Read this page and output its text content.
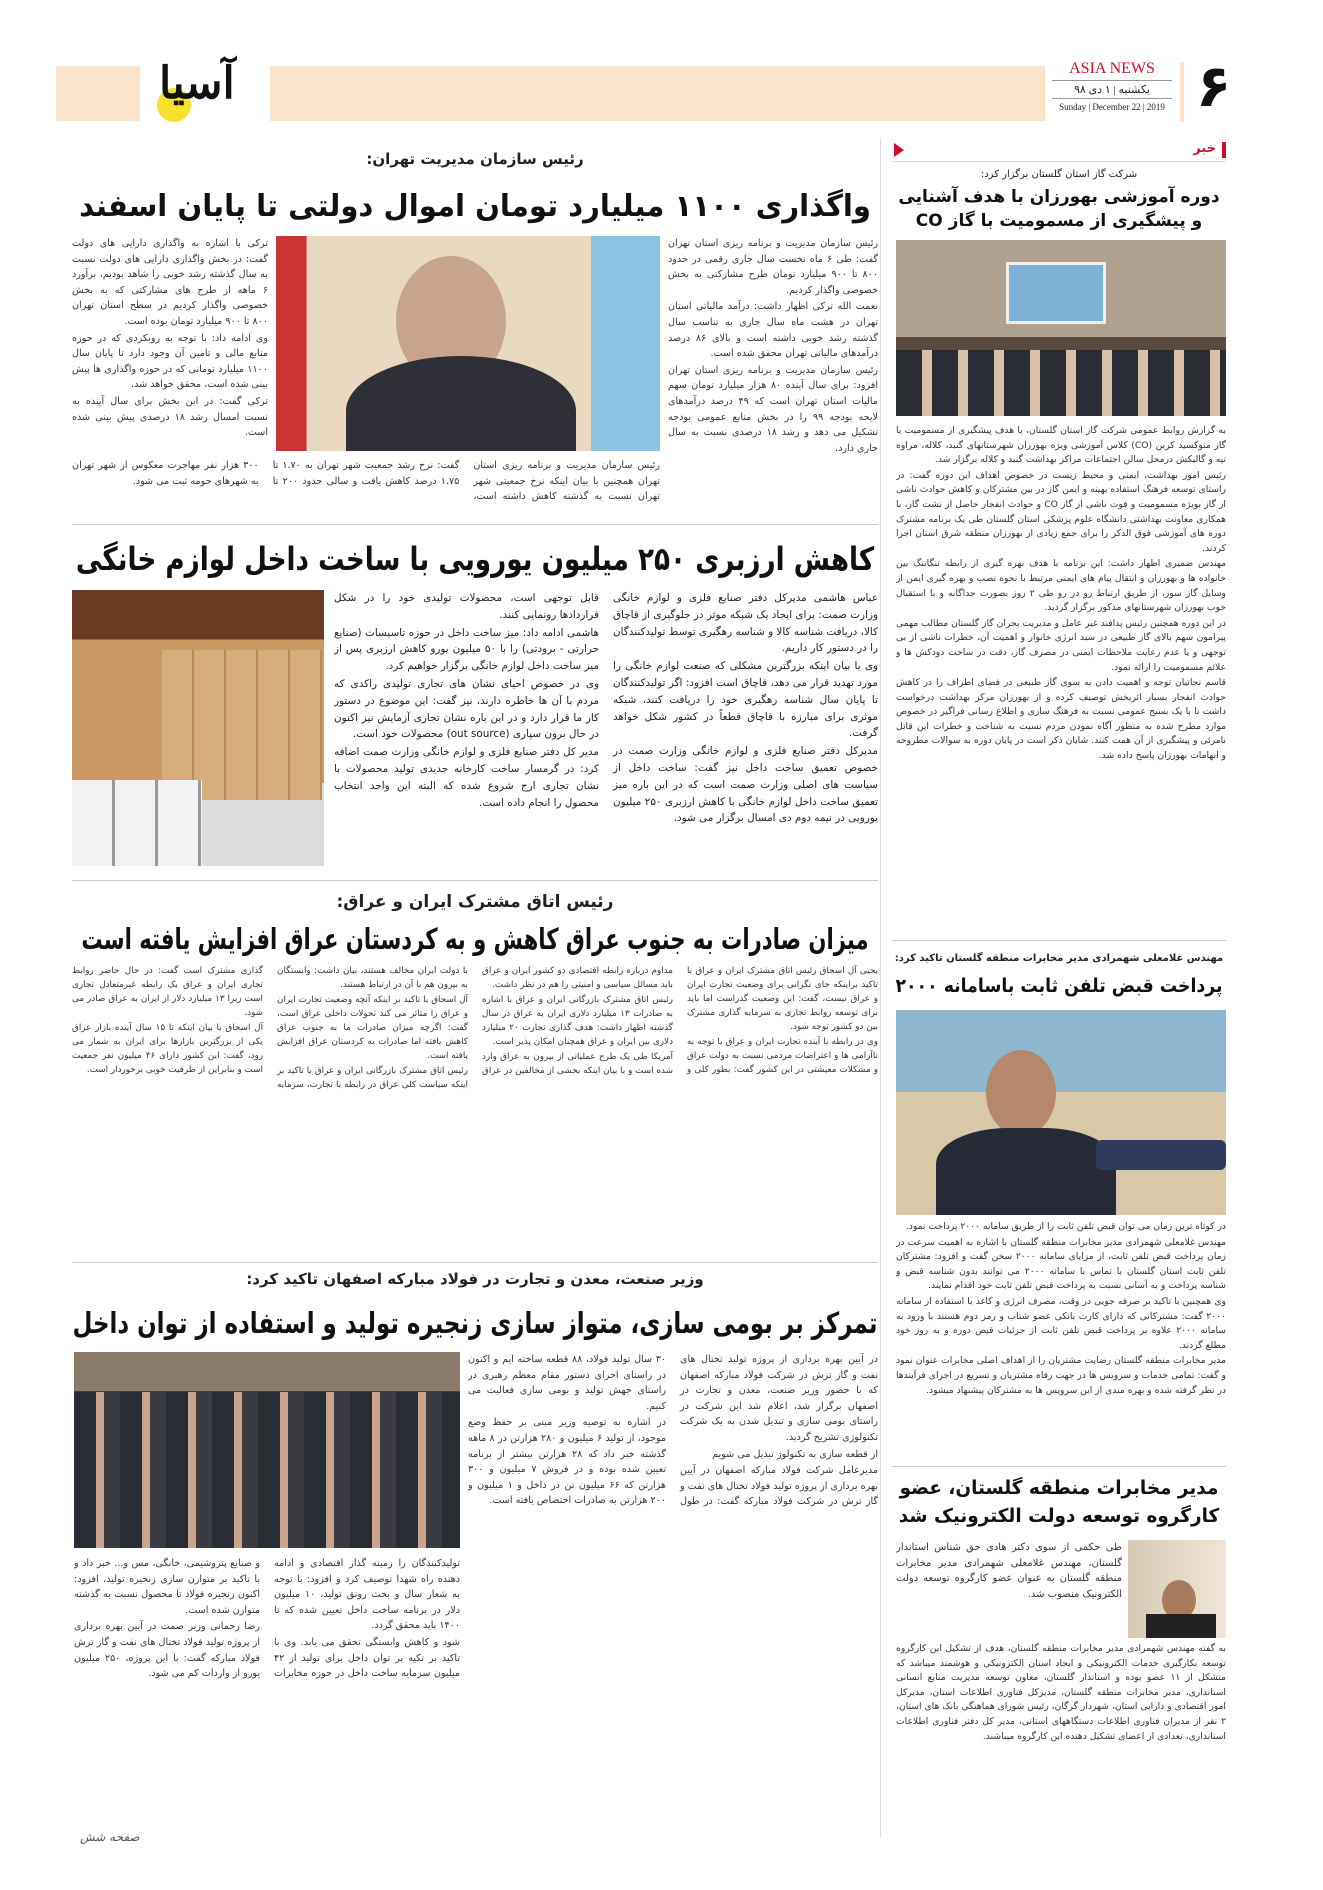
آسیا	ASIA NEWS
یکشنبه | ۱ دی ۹۸
Sunday | December 22 | 2019 ۶
رئیس سازمان مدیریت تهران:
واگذاری ۱۱۰۰ میلیارد تومان اموال دولتی تا پایان اسفند

رئیس سازمان مدیریت و برنامه ریزی استان تهران گفت: طی ۶ ماه نخست سال جاری رقمی در حدود ۸۰۰ تا ۹۰۰ میلیارد تومان طرح مشارکتی به بخش خصوصی واگذار کردیم.

نعمت الله ترکی اظهار داشت: درآمد مالیاتی استان تهران در هشت ماه سال جاری به تناسب سال گذشته رشد خوبی داشته است و بالای ۸۶ درصد درآمدهای مالیاتی تهران محقق شده است.

رئیس سازمان مدیریت و برنامه ریزی استان تهران افزود: برای سال آینده ۸۰ هزار میلیارد تومان سهم مالیات استان تهران است که ۴۹ درصد درآمدهای لایحه بودجه ۹۹ را در بخش منابع عمومی بودجه تشکیل می دهد و رشد ۱۸ درصدی نسبت به سال جاری دارد.

ترکی با اشاره به واگذاری دارایی های دولت گفت: در بخش واگذاری دارایی های دولت نسبت به سال گذشته رشد خوبی را شاهد بودیم، برآورد ۶ ماهه از طرح های مشارکتی که به بخش خصوصی واگذار کردیم در سطح استان تهران ۸۰۰ تا ۹۰۰ میلیارد تومان بوده است.

وی ادامه داد: با توجه به رویکردی که در حوزه منابع مالی و تامین آن وجود دارد تا پایان سال ۱۱۰۰ میلیارد تومانی که در حوزه واگذاری ها پیش بینی شده است، محقق خواهد شد.

ترکی گفت: در این بخش برای سال آینده به نسبت امسال رشد ۱۸ درصدی پیش بینی شده است.

رئیس سازمان مدیریت و برنامه ریزی استان تهران همچنین با بیان اینکه نرخ جمعیتی شهر تهران نسبت به گذشته کاهش داشته است، گفت: نرخ رشد جمعیت شهر تهران به ۱.۷۰ تا ۱.۷۵ درصد کاهش یافت و سالی حدود ۲۰۰ تا ۳۰۰ هزار نفر مهاجرت معکوس از شهر تهران به شهرهای حومه ثبت می شود.

کاهش ارزبری ۲۵۰ میلیون یورویی با ساخت داخل لوازم خانگی

عباس هاشمی مدیرکل دفتر صنایع فلزی و لوازم خانگی وزارت صمت: برای ایجاد یک شبکه موثر در جلوگیری از قاچاق کالا، دریافت شناسه کالا و شناسه رهگیری توسط تولیدکنندگان را در دستور کار داریم.

وی با بیان اینکه بزرگترین مشکلی که صنعت لوازم خانگی را مورد تهدید قرار می دهد، قاچاق است افزود: اگر تولیدکنندگان تا پایان سال شناسه رهگیری خود را دریافت کنند، شبکه موثری برای مبارزه با قاچاق قطعاً در کشور شکل خواهد گرفت.

مدیرکل دفتر صنایع فلزی و لوازم خانگی وزارت صمت در خصوص تعمیق ساخت داخل نیز گفت: ساخت داخل از سیاست های اصلی وزارت صمت است که در این باره میز تعمیق ساخت داخل لوازم خانگی با کاهش ارزبری ۲۵۰ میلیون یورویی در نیمه دوم دی امسال برگزار می شود.

قابل توجهی است، محصولات تولیدی خود را در شکل قراردادها رونمایی کنند.

هاشمی ادامه داد: میز ساخت داخل در حوزه تاسیسات (صنایع حرارتی - برودتی) را با ۵۰ میلیون یورو کاهش ارزبری پس از میز ساخت داخل لوازم خانگی برگزار خواهیم کرد.

وی در خصوص احیای نشان های تجاری تولیدی راکدی که مردم با آن ها خاطره دارند، نیز گفت: این موضوع در دستور کار ما قرار دارد و در این باره نشان تجاری آزمایش نیز اکنون در حال برون سپاری (out source) محصولات خود است.

مدیر کل دفتر صنایع فلزی و لوازم خانگی وزارت صمت اضافه کرد: در گرمسار ساخت کارخانه جدیدی تولید محصولات با نشان تجاری ارج شروع شده که البته این واحد انتخاب محصول را انجام داده است.

رئیس اتاق مشترک ایران و عراق:
میزان صادرات به جنوب عراق کاهش و به کردستان عراق افزایش یافته است

یحیی آل اسحاق رئیس اتاق مشترک ایران و عراق با تاکید براینکه جای نگرانی برای وضعیت تجارت ایران و عراق نیست، گفت: این وضعیت گذراست اما باید برای توسعه روابط تجاری به سرمایه گذاری مشترک بین دو کشور توجه شود.

وی در رابطه با آینده تجارت ایران و عراق با توجه به ناآرامی ها و اعتراضات مردمی نسبت به دولت عراق و مشکلات معیشتی در این کشور گفت: بطور کلی و مداوم درباره رابطه اقتصادی دو کشور ایران و عراق باید مسائل سیاسی و امنیتی را هم در نظر داشت.

رئیس اتاق مشترک بازرگانی ایران و عراق با اشاره به صادرات ۱۳ میلیارد دلاری ایران به عراق در سال گذشته اظهار داشت: هدف گذاری تجارت ۲۰ میلیارد دلاری بین ایران و عراق همچنان امکان پذیر است.

آمریکا طی یک طرح عملیاتی از بیرون به عراق وارد شده است و با بیان اینکه بخشی از مخالفین در عراق با دولت ایران مخالف هستند، بیان داشت: وابستگان به بیرون هم با آن در ارتباط هستند.

آل اسحاق با تاکید بر اینکه آنچه وضعیت تجارت ایران و عراق را متاثر می کند تحولات داخلی عراق است، گفت: اگرچه میزان صادرات ما به جنوب عراق کاهش یافته اما صادرات به کردستان عراق افزایش یافته است.

رئیس اتاق مشترک بازرگانی ایران و عراق با تاکید بر اینکه سیاست کلی عراق در رابطه با تجارت، سرمایه گذاری مشترک است گفت: در حال حاضر روابط تجاری ایران و عراق یک رابطه غیرمتعادل تجاری است زیرا ۱۳ میلیارد دلار از ایران به عراق صادر می شود.

آل اسحاق با بیان اینکه تا ۱۵ سال آینده بازار عراق یکی از بزرگترین بازارها برای ایران به شمار می رود، گفت: این کشور دارای ۴۶ میلیون نفر جمعیت است و بنابراین از ظرفیت خوبی برخوردار است.

وزیر صنعت، معدن و تجارت در فولاد مبارکه اصفهان تاکید کرد:
تمرکز بر بومی سازی، متواز سازی زنجیره تولید و استفاده از توان داخل

در آیین بهره برداری از پروژه تولید تختال های نفت و گاز ترش در شرکت فولاد مبارکه اصفهان که با حضور وزیر صنعت، معدن و تجارت در اصفهان برگزار شد، اعلام شد این شرکت در راستای بومی سازی و تبدیل شدن به یک شرکت تکنولوژی تشریح گردید.

از قطعه سازی به تکنولوژ تبدیل می شویم

مدیرعامل شرکت فولاد مبارکه اصفهان در آیین بهره برداری از پروژه تولید فولاد تختال های نفت و گاز ترش در شرکت فولاد مبارکه گفت: در طول ۳۰ سال تولید فولاد، ۸۸ قطعه ساخته ایم و اکنون در راستای اجرای دستور مقام معظم رهبری در راستای جهش تولید و بومی سازی فعالیت می کنیم.

در اشاره به توصیه وزیر مبنی بر حفظ وضع موجود، از تولید ۶ میلیون و ۲۸۰ هزارتن در ۸ ماهه گذشته خبر داد که ۲۸ هزارتن بیشتر از برنامه تعیین شده بوده و در فروش ۷ میلیون و ۳۰۰ هزارتن که ۶۶ میلیون تن در داخل و ۱ میلیون و ۲۰۰ هزارتن به صادرات اختصاص یافته است.

تولیدکنندگان را زمینه گذار اقتصادی و ادامه دهنده راه شهدا توصیف کرد و افزود: با توجه به شعار سال و بحث رونق تولید، ۱۰ میلیون دلار در برنامه ساخت داخل تعیین شده که تا ۱۴۰۰ باید محقق گردد.

شود و کاهش وابستگی تحقق می یابد. وی با تاکید بر تکیه بر توان داخل برای تولید از ۴۲ میلیون سرمایه ساخت داخل در حوزه مخابرات و صنایع پتروشیمی، خانگی، مس و... خبر داد و با تاکید بر متوازن سازی زنجیره تولید، افزود: اکنون زنجیره فولاد تا محصول نسبت به گذشته متوازن شده است.

رضا رحمانی وزیر صمت در آیین بهره برداری از پروژه تولید فولاد تختال های نفت و گاز ترش فولاد مبارکه گفت: با این پروژه، ۲۵۰ میلیون یورو از واردات کم می شود.

صفحه شش
خبر
شرکت گاز استان گلستان برگزار کرد:
دوره آموزشی بهورزان با هدف آشنایی و پیشگیری از مسمومیت با گاز CO

به گزارش روابط عمومی شرکت گاز استان گلستان، با هدف پیشگیری از مسمومیت با گاز منوکسید کربن (CO) کلاس آموزشی ویژه بهورزان شهرستانهای گنبد، کلاله، مراوه تپه و گالیکش درمحل سالن اجتماعات مراکز بهداشت گنبد و کلاله برگزار شد.

رئیس امور بهداشت، ایمنی و محیط زیست در خصوص اهداف این دوره گفت: در راستای توسعه فرهنگ استفاده بهینه و ایمن گاز در بین مشترکان و کاهش حوادث ناشی از گاز بویژه مسمومیت و فوت ناشی از گاز CO و حوادث انفجار حاصل از نشت گاز، با همکاری معاونت بهداشتی دانشگاه علوم پزشکی استان گلستان طی یک برنامه مشترک دوره های آموزشی فوق الذکر را برای جمع زیادی از بهورزان منطقه شرق استان اجرا کردند.

مهندس ضمیری اظهار داشت: این برنامه با هدف بهره گیری از رابطه تنگاتنگ بین خانواده ها و بهورزان و انتقال پیام های ایمنی مرتبط با نحوه نصب و بهره گیری ایمن از وسایل گاز سوز، از طریق ارتباط رو در رو طی ۲ روز بصورت جداگانه و با استقبال خوب بهورزان شهرستانهای مذکور برگزار گردید.

در این دوره همچنین رئیس پدافند غیر عامل و مدیریت بحران گاز گلستان مطالب مهمی پیرامون سهم بالای گاز طبیعی در سبد انرژی خانوار و اهمیت آن، خطرات ناشی از بی توجهی و یا عدم رعایت ملاحظات ایمنی در مصرف گاز، دقت در ساخت دودکش ها و علائم مسمومیت را ارائه نمود.

قاسم نجاتیان توجه و اهمیت دادن به سوی گاز طبیعی در فضای اطراف را در کاهش حوادث انفجار بسیار اثربخش توصیف کرده و از بهورزان مرکز بهداشت درخواست داشت تا با یک بسیج عمومی نسبت به فرهنگ سازی و اطلاع رسانی فراگیر در خصوص موارد مطرح شده به منظور آگاه نمودن مردم نسبت به شناخت و خطرات این قاتل نامرئی و پیشگیری از آن همت کنند. شایان ذکر است در پایان دوره به سوالات مطروحه و ابهامات بهورزان پاسخ داده شد.

مهندس غلامعلی شهمرادی مدیر مخابرات منطقه گلستان تاکید کرد:
پرداخت قبض تلفن ثابت باسامانه ۲۰۰۰

در کوتاه ترین زمان می توان قبض تلفن ثابت را از طریق سامانه ۲۰۰۰ پرداخت نمود.

مهندس غلامعلی شهمرادی مدیر مخابرات منطقه گلستان با اشاره به اهمیت سرعت در زمان پرداخت قبض تلفن ثابت، از مزایای سامانه ۲۰۰۰ سخن گفت و افزود: مشترکان تلفن ثابت استان گلستان با تماس با سامانه ۲۰۰۰ می توانند بدون شناسه قبض و شناسه پرداخت و به آسانی نسبت به پرداخت قبض تلفن ثابت خود اقدام نمایند.

وی همچنین با تاکید بر صرفه جویی در وقت، مصرف انرژی و کاغذ با استفاده از سامانه ۲۰۰۰ گفت: مشترکانی که دارای کارت بانکی عضو شتاب و رمز دوم هستند با ورود به سامانه ۲۰۰۰ علاوه بر پرداخت قبض تلفن ثابت از جزئیات قبض دوره و به روز خود مطلع گردند.

مدیر مخابرات منطقه گلستان رضایت مشتریان را از اهداف اصلی مخابرات عنوان نمود و گفت: تمامی خدمات و سرویس ها در جهت رفاه مشتریان و تسریع در اجرای فرآیندها در نظر گرفته شده و بهره مندی از این سرویس ها به مشترکان پیشنهاد میشود.

مدیر مخابرات منطقه گلستان، عضو کارگروه توسعه دولت الکترونیک شد

طی حکمی از سوی دکتر هادی حق شناس استاندار گلستان، مهندس غلامعلی شهمرادی مدیر مخابرات منطقه گلستان به عنوان عضو کارگروه توسعه دولت الکترونیک منصوب شد.

به گفته مهندس شهمرادی مدیر مخابرات منطقه گلستان، هدف از تشکیل این کارگروه توسعه بکارگیری خدمات الکترونیکی و ایجاد استان الکترونیکی و هوشمند میباشد که متشکل از ۱۱ عضو بوده و استاندار گلستان، معاون توسعه مدیریت منابع انسانی استانداری، مدیر مخابرات منطقه گلستان، مدیرکل فناوری اطلاعات استان، مدیرکل امور اقتصادی و دارایی استان، شهردار گرگان، رئیس شورای هماهنگی بانک های استان، ۲ نفر از مدیران فناوری اطلاعات دستگاههای استانی، مدیر کل دفتر فناوری اطلاعات استانداری، تعدادی از اعضای تشکیل دهنده این کارگروه میباشند.
